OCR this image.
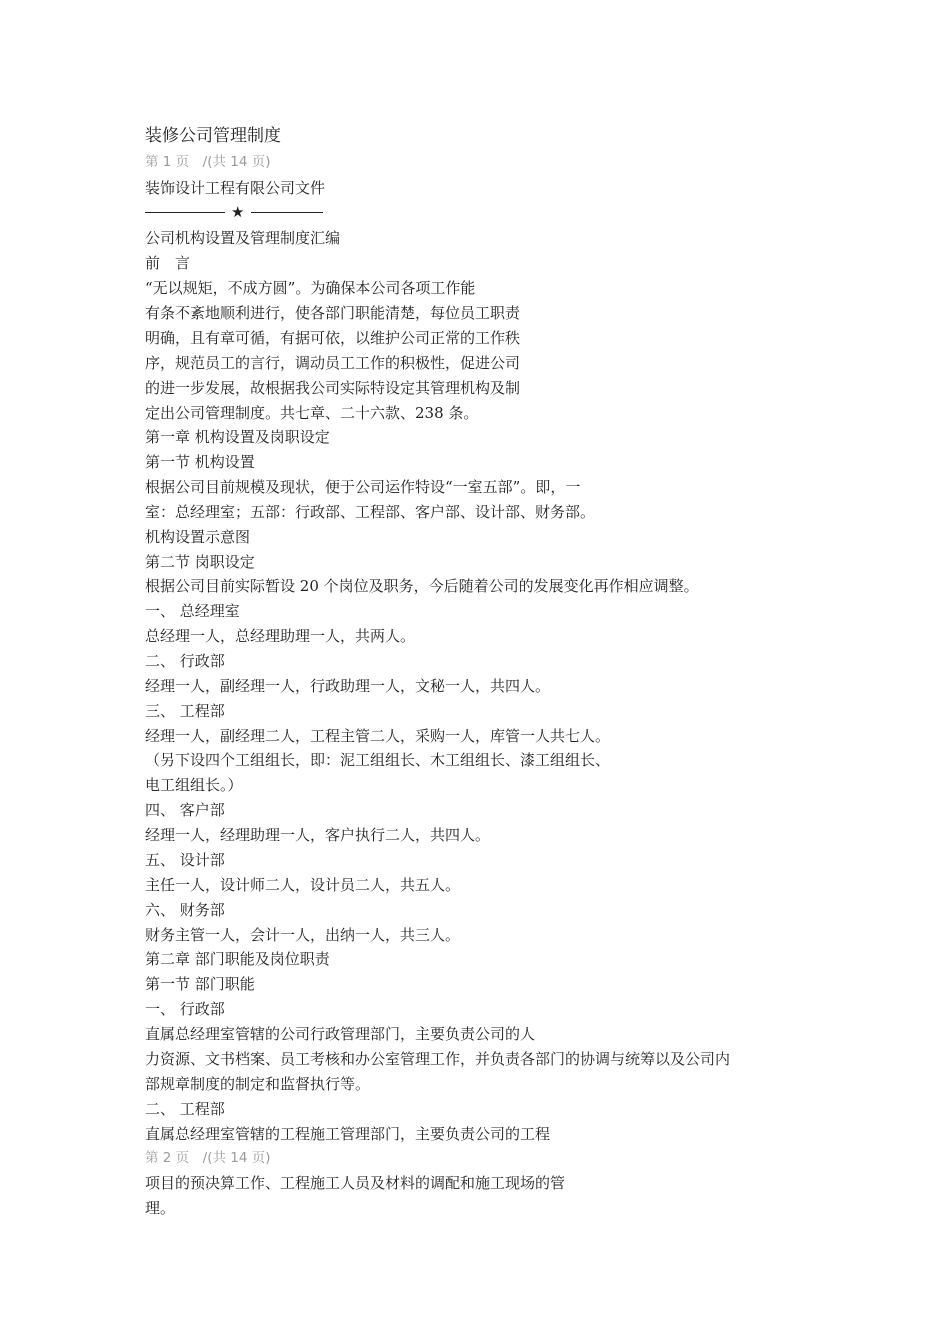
装修公司管理制度
第 1 页　/(共 14 页)
装饰设计工程有限公司文件
★
公司机构设置及管理制度汇编
前　言
“无以规矩，不成方圆”。为确保本公司各项工作能
有条不紊地顺利进行，使各部门职能清楚，每位员工职责
明确，且有章可循，有据可依，以维护公司正常的工作秩
序，规范员工的言行，调动员工工作的积极性，促进公司
的进一步发展，故根据我公司实际特设定其管理机构及制
定出公司管理制度。共七章、二十六款、238 条。
第一章 机构设置及岗职设定
第一节 机构设置
根据公司目前规模及现状，便于公司运作特设“一室五部”。即，一
室：总经理室；五部：行政部、工程部、客户部、设计部、财务部。
机构设置示意图
第二节 岗职设定
根据公司目前实际暂设 20 个岗位及职务，今后随着公司的发展变化再作相应调整。
一、 总经理室
总经理一人，总经理助理一人，共两人。
二、 行政部
经理一人，副经理一人，行政助理一人，文秘一人，共四人。
三、 工程部
经理一人，副经理二人，工程主管二人，采购一人，库管一人共七人。
（另下设四个工组组长，即：泥工组组长、木工组组长、漆工组组长、
电工组组长。）
四、 客户部
经理一人，经理助理一人，客户执行二人，共四人。
五、 设计部
主任一人，设计师二人，设计员二人，共五人。
六、 财务部
财务主管一人，会计一人，出纳一人，共三人。
第二章 部门职能及岗位职责
第一节 部门职能
一、 行政部
直属总经理室管辖的公司行政管理部门，主要负责公司的人
力资源、文书档案、员工考核和办公室管理工作，并负责各部门的协调与统筹以及公司内
部规章制度的制定和监督执行等。
二、 工程部
直属总经理室管辖的工程施工管理部门，主要负责公司的工程
第 2 页　/(共 14 页)
项目的预决算工作、工程施工人员及材料的调配和施工现场的管
理。
